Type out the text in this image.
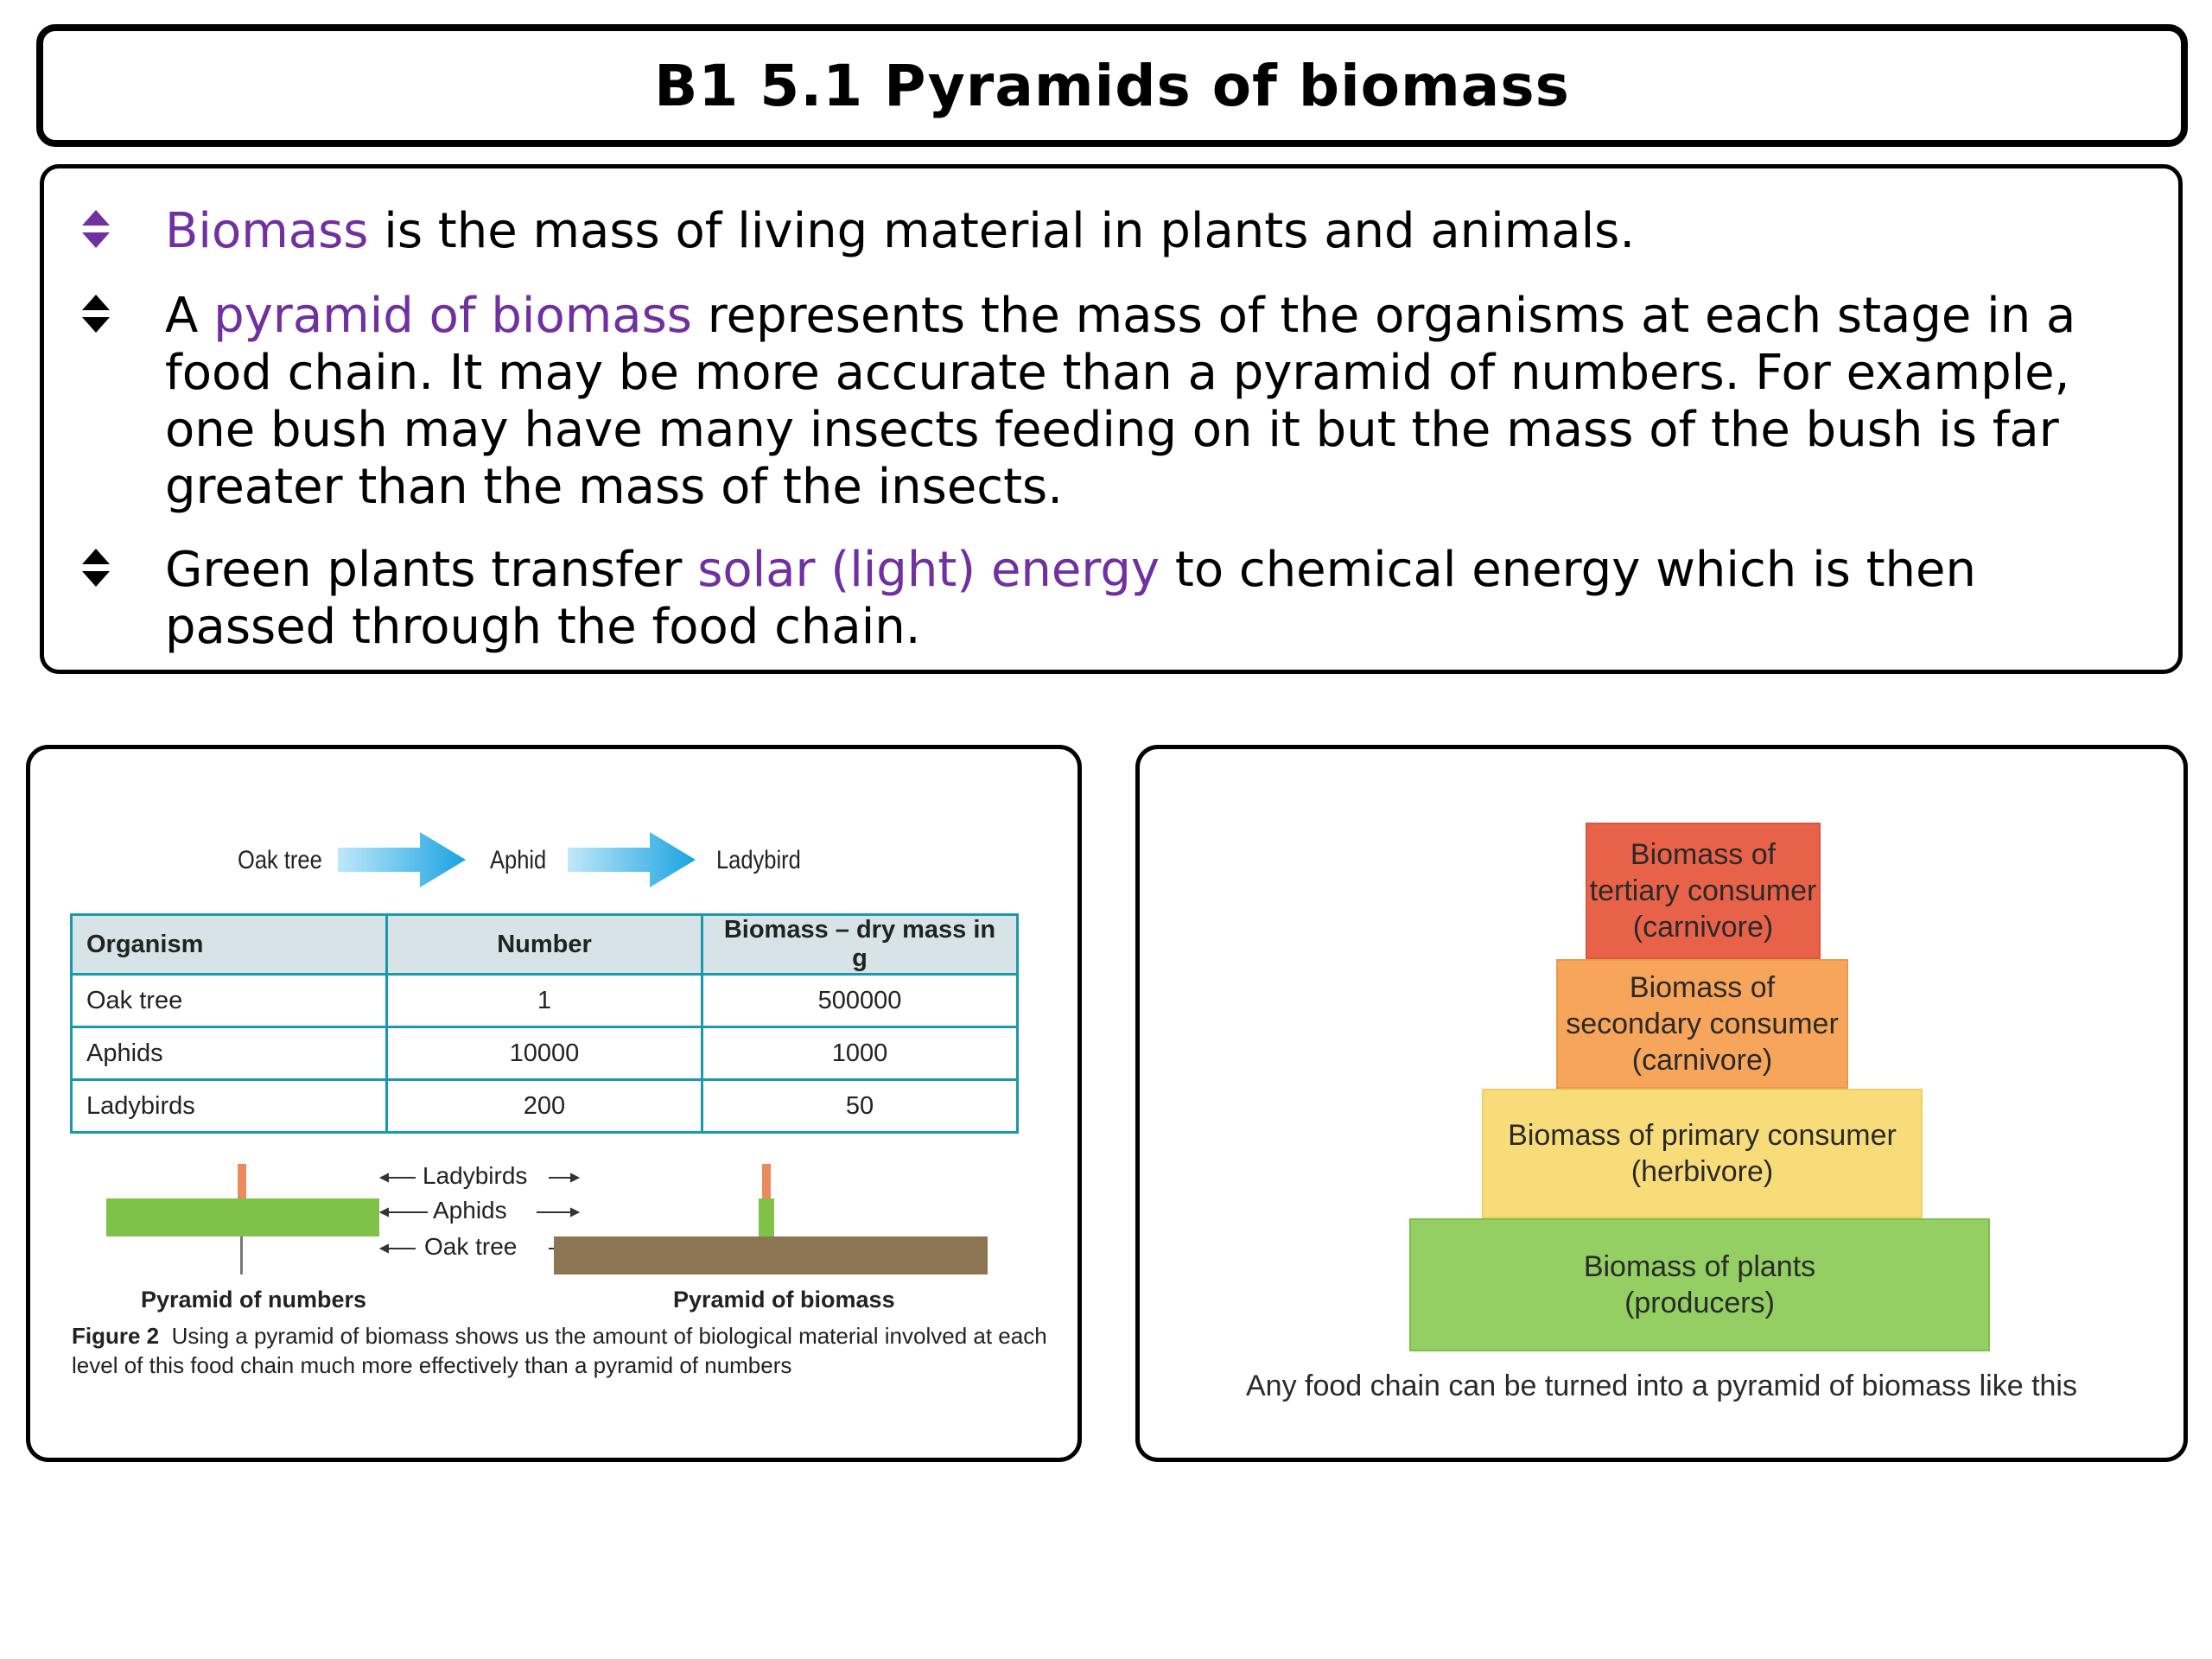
B1 5.1 Pyramids of biomass
Biomass is the mass of living material in plants and animals.
A pyramid of biomass represents the mass of the organisms at each stage in a food chain. It may be more accurate than a pyramid of numbers. For example, one bush may have many insects feeding on it but the mass of the bush is far greater than the mass of the insects.
Green plants transfer solar (light) energy to chemical energy which is then passed through the food chain.
Oak tree	Aphid	Ladybird
Organism	Number	Biomass – dry mass in g
Oak tree	1	500000
Aphids	10000	1000
Ladybirds	200	50
Ladybirds
Aphids
Oak tree
Pyramid of numbers	Pyramid of biomass
Figure 2 Using a pyramid of biomass shows us the amount of biological material involved at each level of this food chain much more effectively than a pyramid of numbers
Biomass of tertiary consumer (carnivore)
Biomass of secondary consumer (carnivore)
Biomass of primary consumer (herbivore)
Biomass of plants (producers)
Any food chain can be turned into a pyramid of biomass like this
